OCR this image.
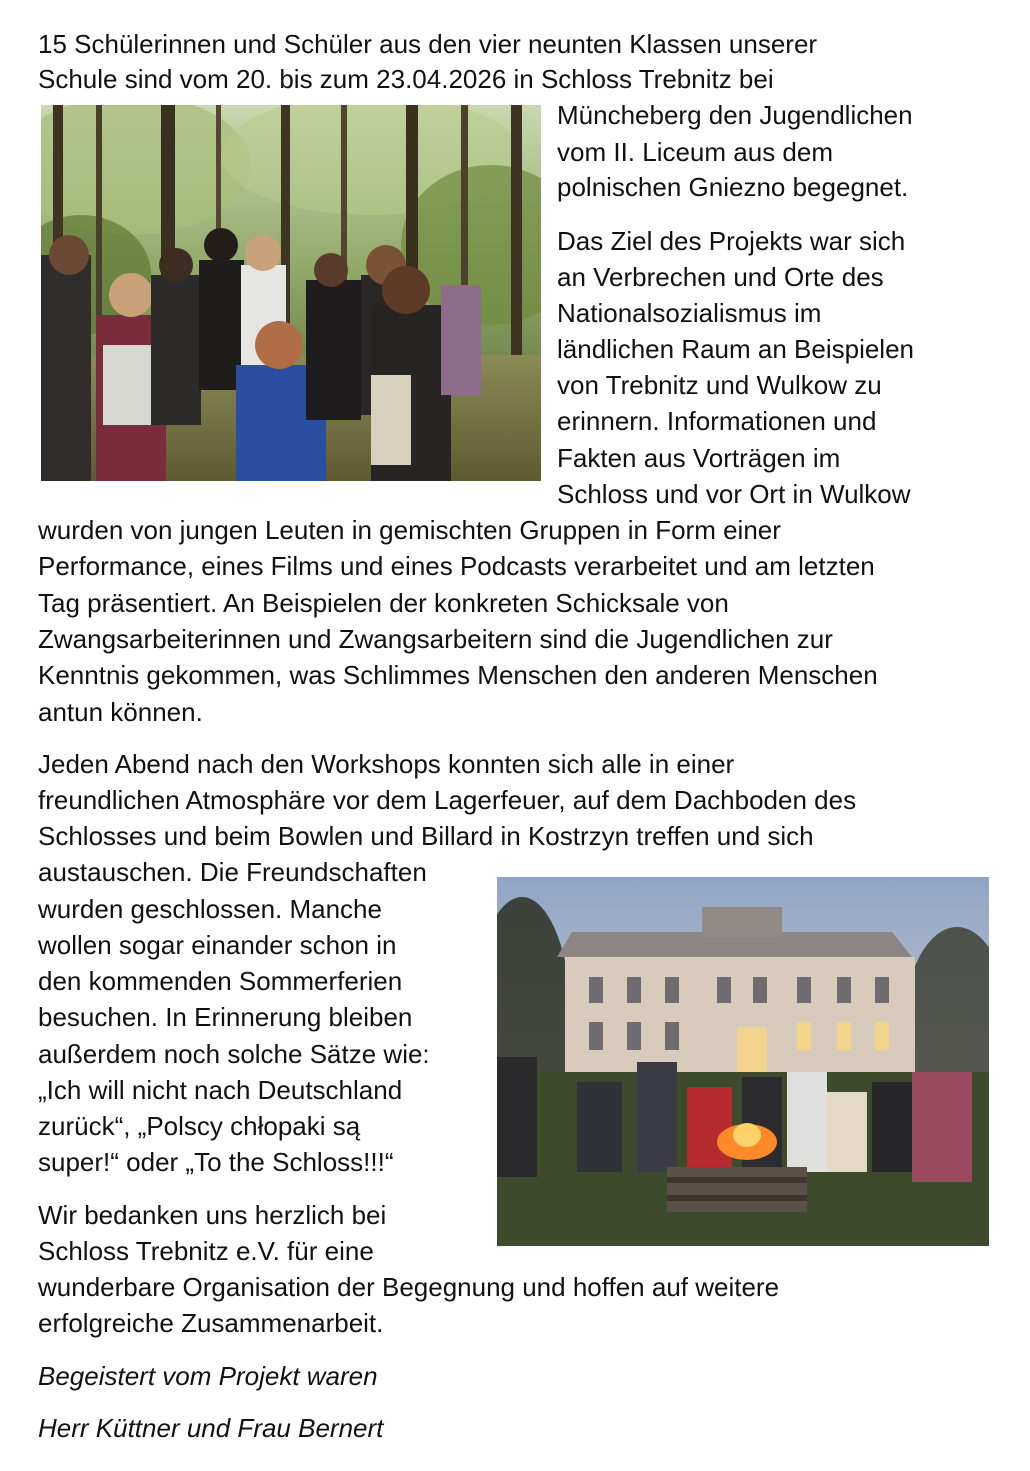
15 Schülerinnen und Schüler aus den vier neunten Klassen unserer

Schule sind vom 20. bis zum 23.04.2026 in Schloss Trebnitz bei

Müncheberg den Jugendlichen

vom II. Liceum aus dem

polnischen Gniezno begegnet.

Das Ziel des Projekts war sich

an Verbrechen und Orte des

Nationalsozialismus im

ländlichen Raum an Beispielen

von Trebnitz und Wulkow zu

erinnern. Informationen und

Fakten aus Vorträgen im

Schloss und vor Ort in Wulkow

wurden von jungen Leuten in gemischten Gruppen in Form einer

Performance, eines Films und eines Podcasts verarbeitet und am letzten

Tag präsentiert. An Beispielen der konkreten Schicksale von

Zwangsarbeiterinnen und Zwangsarbeitern sind die Jugendlichen zur

Kenntnis gekommen, was Schlimmes Menschen den anderen Menschen

antun können.

Jeden Abend nach den Workshops konnten sich alle in einer

freundlichen Atmosphäre vor dem Lagerfeuer, auf dem Dachboden des

Schlosses und beim Bowlen und Billard in Kostrzyn treffen und sich

austauschen. Die Freundschaften

wurden geschlossen. Manche

wollen sogar einander schon in

den kommenden Sommerferien

besuchen. In Erinnerung bleiben

außerdem noch solche Sätze wie:

„Ich will nicht nach Deutschland

zurück“, „Polscy chłopaki są

super!“ oder „To the Schloss!!!“

Wir bedanken uns herzlich bei

Schloss Trebnitz e.V. für eine

wunderbare Organisation der Begegnung und hoffen auf weitere

erfolgreiche Zusammenarbeit.

Begeistert vom Projekt waren

Herr Küttner und Frau Bernert
